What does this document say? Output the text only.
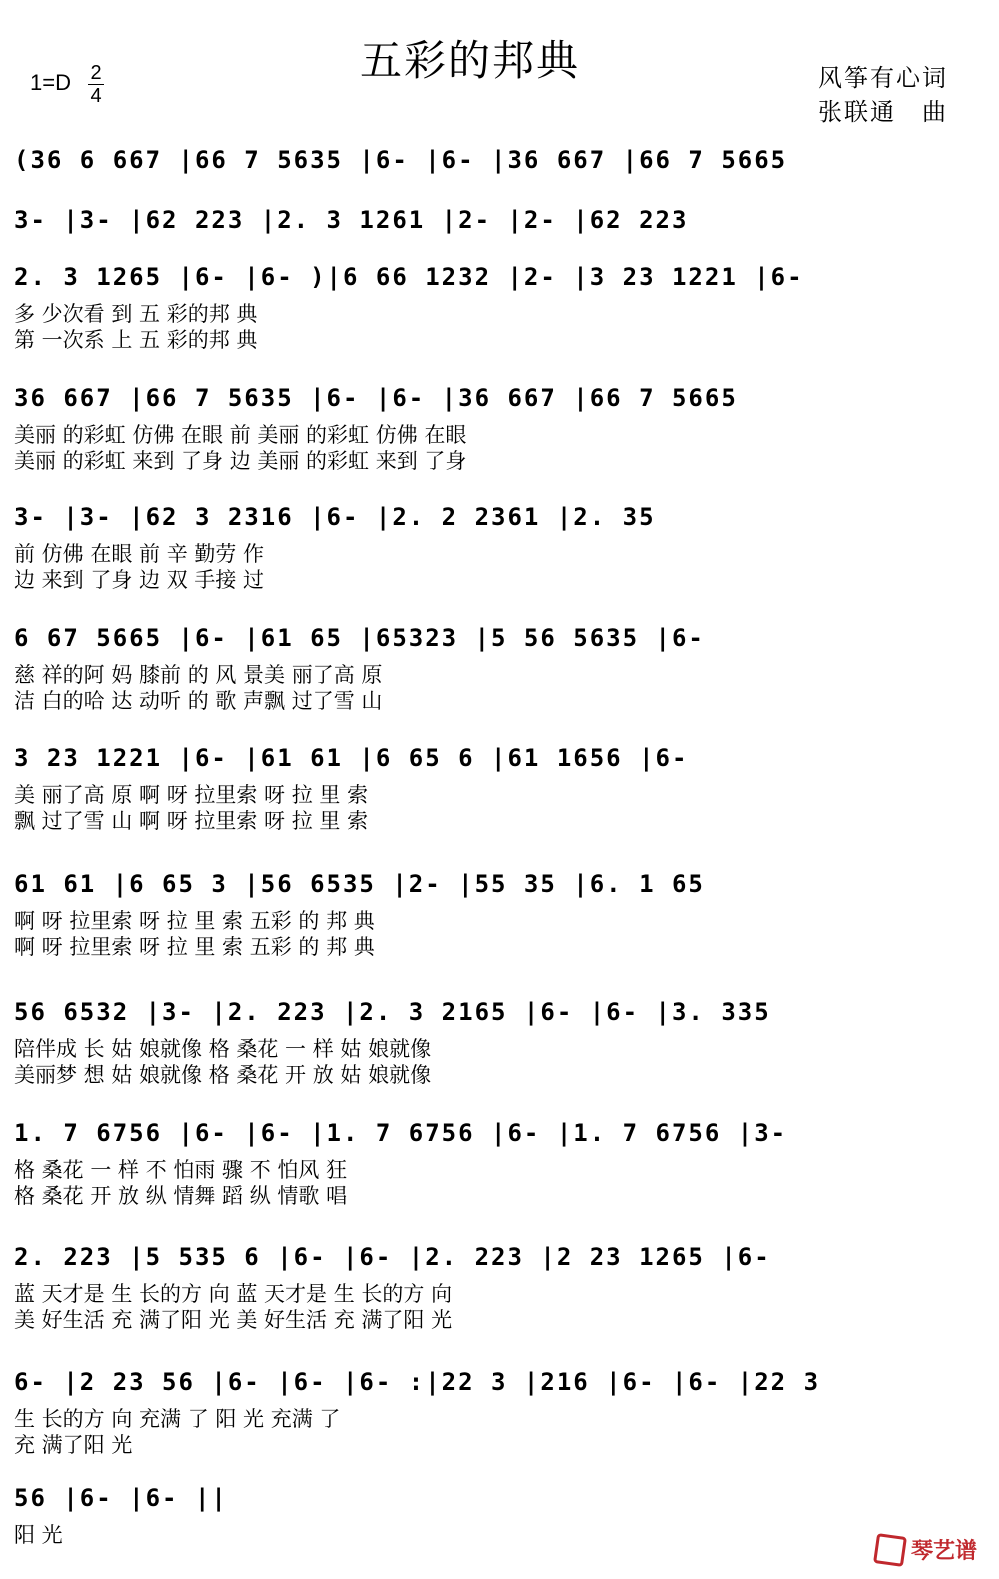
五彩的邦典
1=D 2
4
风筝有心词
张联通　曲
(36 6 667 |66 7 5635 |6- |6- |36 667 |66 7 5665
3- |3- |62 223 |2. 3 1261 |2- |2- |62 223
2. 3 1265 |6- |6- )|6 66 1232 |2- |3 23 1221 |6-
多 少次看 到 五 彩的邦 典
第 一次系 上 五 彩的邦 典
36 667 |66 7 5635 |6- |6- |36 667 |66 7 5665
美丽 的彩虹 仿佛 在眼 前 美丽 的彩虹 仿佛 在眼
美丽 的彩虹 来到 了身 边 美丽 的彩虹 来到 了身
3- |3- |62 3 2316 |6- |2. 2 2361 |2. 35
前 仿佛 在眼 前 辛 勤劳 作
边 来到 了身 边 双 手接 过
6 67 5665 |6- |61 65 |65323 |5 56 5635 |6-
慈 祥的阿 妈 膝前 的 风 景美 丽了高 原
洁 白的哈 达 动听 的 歌 声飘 过了雪 山
3 23 1221 |6- |61 61 |6 65 6 |61 1656 |6-
美 丽了高 原 啊 呀 拉里索 呀 拉 里 索
飘 过了雪 山 啊 呀 拉里索 呀 拉 里 索
61 61 |6 65 3 |56 6535 |2- |55 35 |6. 1 65
啊 呀 拉里索 呀 拉 里 索 五彩 的 邦 典
啊 呀 拉里索 呀 拉 里 索 五彩 的 邦 典
56 6532 |3- |2. 223 |2. 3 2165 |6- |6- |3. 335
陪伴成 长 姑 娘就像 格 桑花 一 样 姑 娘就像
美丽梦 想 姑 娘就像 格 桑花 开 放 姑 娘就像
1. 7 6756 |6- |6- |1. 7 6756 |6- |1. 7 6756 |3-
格 桑花 一 样 不 怕雨 骤 不 怕风 狂
格 桑花 开 放 纵 情舞 蹈 纵 情歌 唱
2. 223 |5 535 6 |6- |6- |2. 223 |2 23 1265 |6-
蓝 天才是 生 长的方 向 蓝 天才是 生 长的方 向
美 好生活 充 满了阳 光 美 好生活 充 满了阳 光
6- |2 23 56 |6- |6- |6- :|22 3 |216 |6- |6- |22 3
生 长的方 向 充满 了 阳 光 充满 了
充 满了阳 光
56 |6- |6- ||
阳 光
琴艺谱
